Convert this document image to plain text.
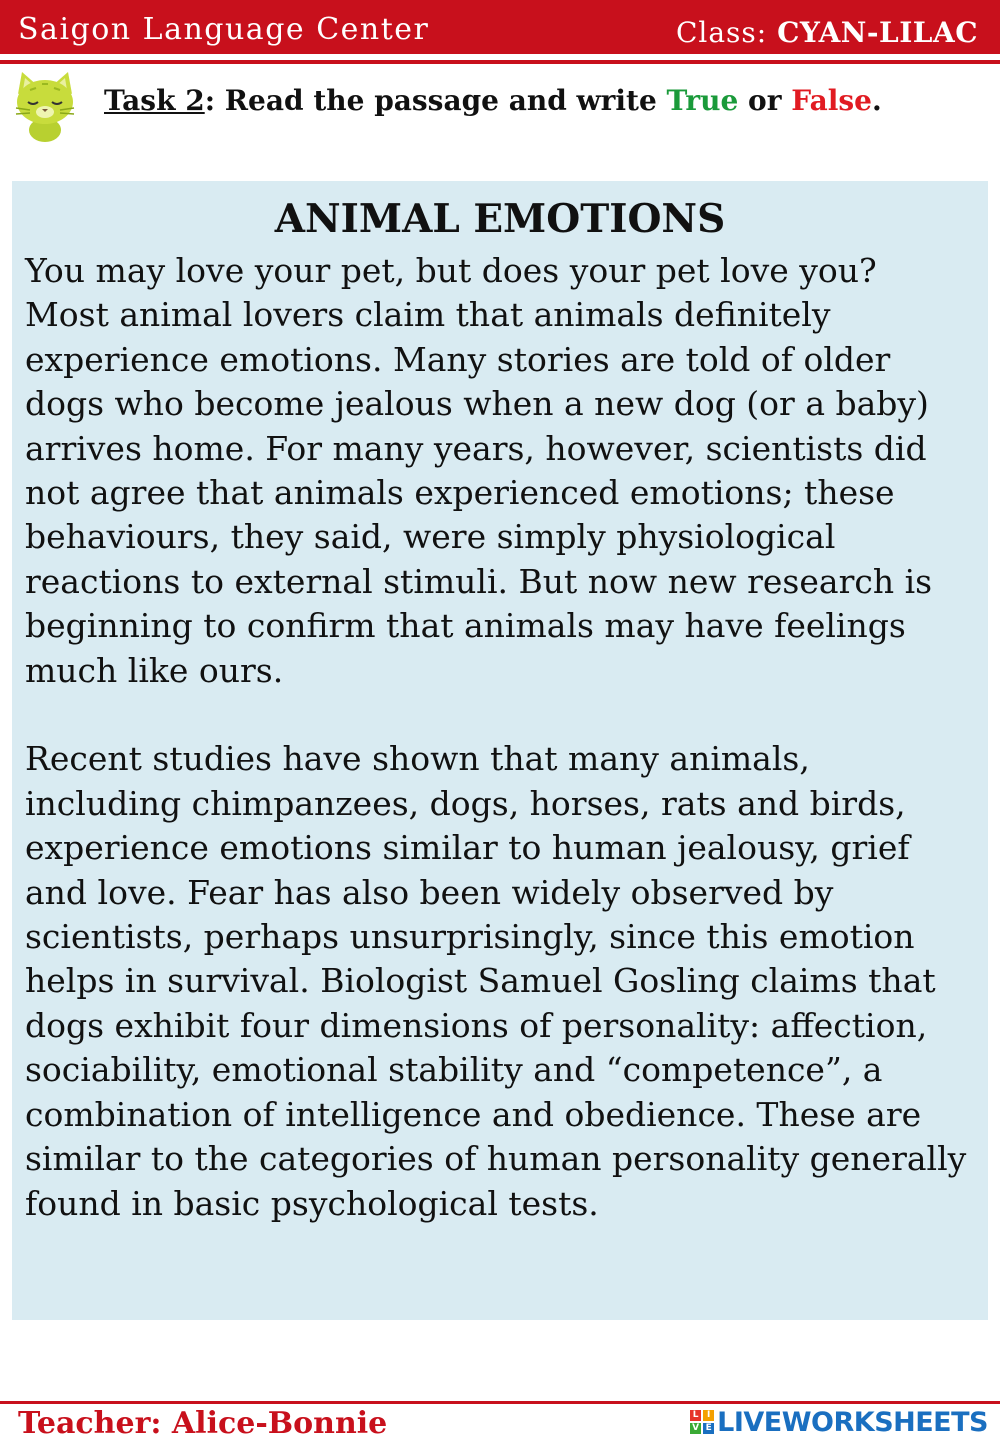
Saigon Language Center	Class: CYAN-LILAC
Task 2: Read the passage and write True or False.
ANIMAL EMOTIONS

You may love your pet, but does your pet love you? Most animal lovers claim that animals definitely experience emotions. Many stories are told of older dogs who become jealous when a new dog (or a baby) arrives home. For many years, however, scientists did not agree that animals experienced emotions; these behaviours, they said, were simply physiological reactions to external stimuli. But now new research is beginning to confirm that animals may have feelings much like ours.

Recent studies have shown that many animals, including chimpanzees, dogs, horses, rats and birds, experience emotions similar to human jealousy, grief and love. Fear has also been widely observed by scientists, perhaps unsurprisingly, since this emotion helps in survival. Biologist Samuel Gosling claims that dogs exhibit four dimensions of personality: affection, sociability, emotional stability and “competence”, a combination of intelligence and obedience. These are similar to the categories of human personality generally found in basic psychological tests.

Teacher: Alice-Bonnie	L I
V E LIVEWORKSHEETS
